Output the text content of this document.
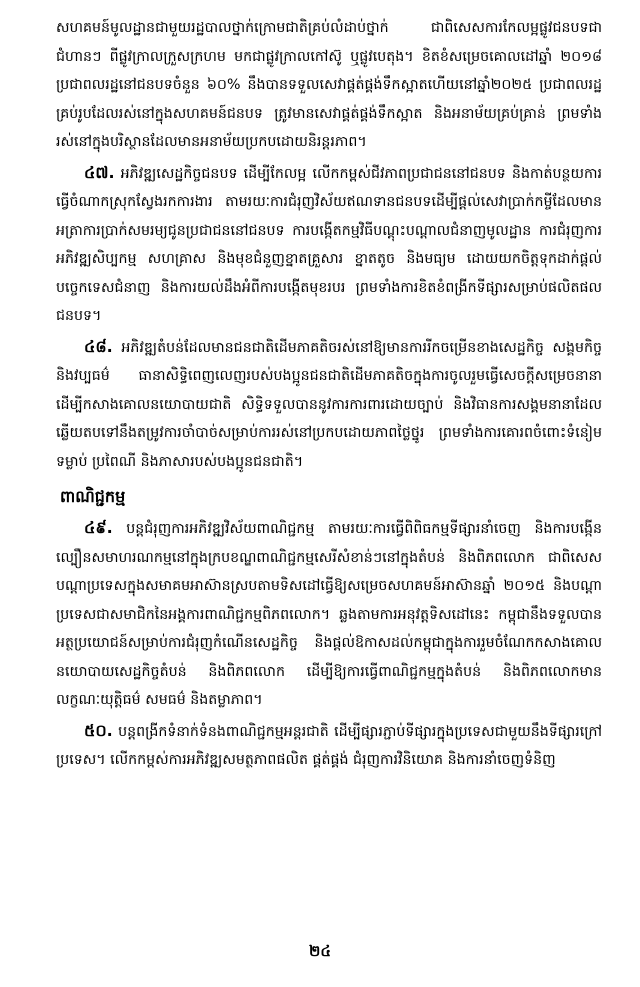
សហគមន៍មូលដ្ឋានជាមួយរដ្ឋបាលថ្នាក់ក្រោមជាតិគ្រប់លំដាប់ថ្នាក់ ជាពិសេសការកែលម្អផ្លូវជនបទជាជំហានៗ ពីផ្លូវក្រាលក្រួសក្រហម មកជាផ្លូវក្រាលកៅស៊ូ ឬផ្លូវបេតុង។ ខិតខំសម្រេចគោលដៅឆ្នាំ ២០១៨ ប្រជាពលរដ្ឋនៅជនបទចំនួន ៦០% នឹងបានទទួលសេវាផ្គត់ផ្គង់ទឹកស្អាតហើយនៅឆ្នាំ២០២៥ ប្រជាពលរដ្ឋគ្រប់រូបដែលរស់នៅក្នុងសហគមន៍ជនបទ ត្រូវមានសេវាផ្គត់ផ្គង់ទឹកស្អាត និងអនាម័យគ្រប់គ្រាន់ ព្រមទាំងរស់នៅក្នុងបរិស្ថានដែលមានអនាម័យប្រកបដោយនិរន្តរភាព។

៤៧. អភិវឌ្ឍសេដ្ឋកិច្ចជនបទ ដើម្បីកែលម្អ លើកកម្ពស់ជីវភាពប្រជាជននៅជនបទ និងកាត់បន្ថយការធ្វើចំណាកស្រុកស្វែងរកការងារ តាមរយៈការជំរុញវិស័យឥណទានជនបទដើម្បីផ្តល់សេវាប្រាក់កម្ចីដែលមានអត្រាការប្រាក់សមរម្យជូនប្រជាជននៅជនបទ ការបង្កើតកម្មវិធីបណ្តុះបណ្តាលជំនាញមូលដ្ឋាន ការជំរុញការអភិវឌ្ឍសិប្បកម្ម សហគ្រាស និងមុខជំនួញខ្នាតគ្រួសារ ខ្នាតតូច និងមធ្យម ដោយយកចិត្តទុកដាក់ផ្តល់បច្ចេកទេសជំនាញ និងការយល់ដឹងអំពីការបង្កើតមុខរបរ ព្រមទាំងការខិតខំពង្រីកទីផ្សារសម្រាប់ផលិតផលជនបទ។

៤៨. អភិវឌ្ឍតំបន់ដែលមានជនជាតិដើមភាគតិចរស់នៅឱ្យមានការរីកចម្រើនខាងសេដ្ឋកិច្ច សង្គមកិច្ច និងវប្បធម៌ ធានាសិទ្ធិពេញលេញរបស់បងប្អូនជនជាតិដើមភាគតិចក្នុងការចូលរួមធ្វើសេចក្តីសម្រេចនានា ដើម្បីកសាងគោលនយោបាយជាតិ សិទ្ធិទទួលបាននូវការការពារដោយច្បាប់ និងវិធានការសង្គមនានាដែលឆ្លើយតបទៅនឹងតម្រូវការចាំបាច់សម្រាប់ការរស់នៅប្រកបដោយភាពថ្លៃថ្នូរ ព្រមទាំងការគោរពចំពោះទំនៀមទម្លាប់ ប្រពៃណី និងភាសារបស់បងប្អូនជនជាតិ។

ពាណិជ្ជកម្ម

៤៩. បន្តជំរុញការអភិវឌ្ឍវិស័យពាណិជ្ជកម្ម តាមរយៈការធ្វើពិពិធកម្មទីផ្សារនាំចេញ និងការបង្កើនល្បឿនសមាហរណកម្មនៅក្នុងក្របខណ្ឌពាណិជ្ជកម្មសេរីសំខាន់ៗនៅក្នុងតំបន់ និងពិភពលោក ជាពិសេសបណ្តាប្រទេសក្នុងសមាគមអាស៊ានស្របតាមទិសដៅធ្វើឱ្យសម្រេចសហគមន៍អាស៊ានឆ្នាំ ២០១៥ និងបណ្តាប្រទេសជាសមាជិកនៃអង្គការពាណិជ្ជកម្មពិភពលោក។ ឆ្លងតាមការអនុវត្តទិសដៅនេះ កម្ពុជានឹងទទួលបានអត្ថប្រយោជន៍សម្រាប់ការជំរុញកំណើនសេដ្ឋកិច្ច និងផ្តល់ឱកាសដល់កម្ពុជាក្នុងការរួមចំណែកកសាងគោលនយោបាយសេដ្ឋកិច្ចតំបន់ និងពិភពលោក ដើម្បីឱ្យការធ្វើពាណិជ្ជកម្មក្នុងតំបន់ និងពិភពលោកមានលក្ខណៈយុត្តិធម៌ សមធម៌ និងតម្លាភាព។

៥០. បន្តពង្រីកទំនាក់ទំនងពាណិជ្ជកម្មអន្តរជាតិ ដើម្បីផ្សារភ្ជាប់ទីផ្សារក្នុងប្រទេសជាមួយនឹងទីផ្សារក្រៅប្រទេស។ លើកកម្ពស់ការអភិវឌ្ឍសមត្ថភាពផលិត ផ្គត់ផ្គង់ ជំរុញការវិនិយោគ និងការនាំចេញទំនិញ

២៤
